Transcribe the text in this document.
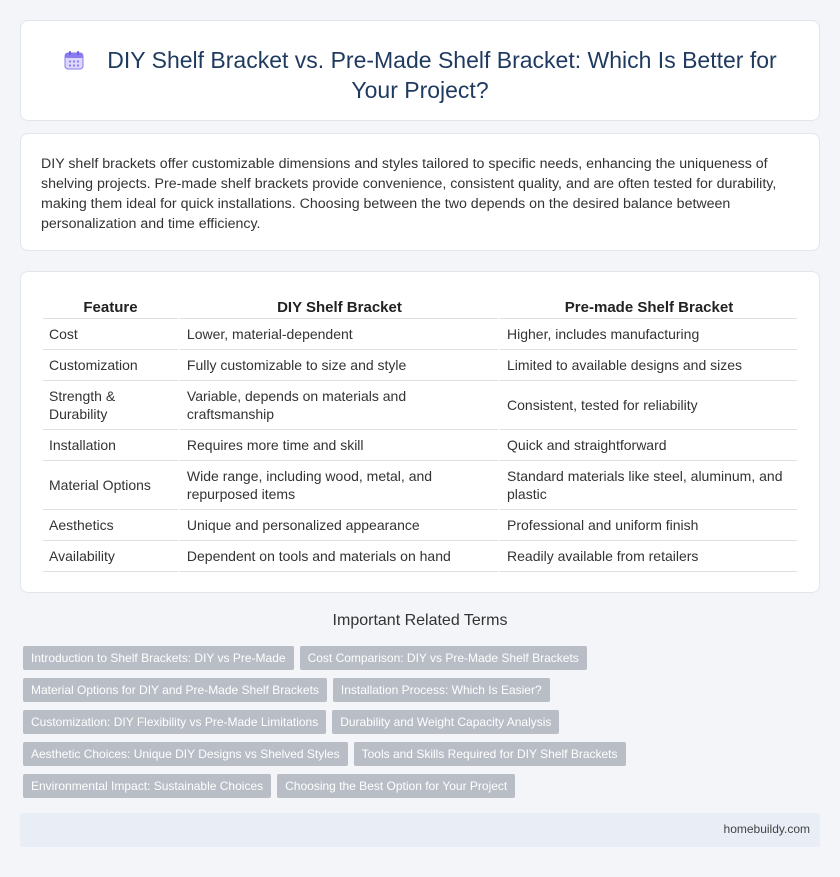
DIY Shelf Bracket vs. Pre-Made Shelf Bracket: Which Is Better for Your Project?
DIY shelf brackets offer customizable dimensions and styles tailored to specific needs, enhancing the uniqueness of shelving projects. Pre-made shelf brackets provide convenience, consistent quality, and are often tested for durability, making them ideal for quick installations. Choosing between the two depends on the desired balance between personalization and time efficiency.
Feature	DIY Shelf Bracket	Pre-made Shelf Bracket
Cost	Lower, material-dependent	Higher, includes manufacturing
Customization	Fully customizable to size and style	Limited to available designs and sizes
Strength & Durability	Variable, depends on materials and craftsmanship	Consistent, tested for reliability
Installation	Requires more time and skill	Quick and straightforward
Material Options	Wide range, including wood, metal, and repurposed items	Standard materials like steel, aluminum, and plastic
Aesthetics	Unique and personalized appearance	Professional and uniform finish
Availability	Dependent on tools and materials on hand	Readily available from retailers
Important Related Terms
Introduction to Shelf Brackets: DIY vs Pre-Made Cost Comparison: DIY vs Pre-Made Shelf Brackets
Material Options for DIY and Pre-Made Shelf Brackets Installation Process: Which Is Easier?
Customization: DIY Flexibility vs Pre-Made Limitations Durability and Weight Capacity Analysis
Aesthetic Choices: Unique DIY Designs vs Shelved Styles Tools and Skills Required for DIY Shelf Brackets
Environmental Impact: Sustainable Choices Choosing the Best Option for Your Project
homebuildy.com
